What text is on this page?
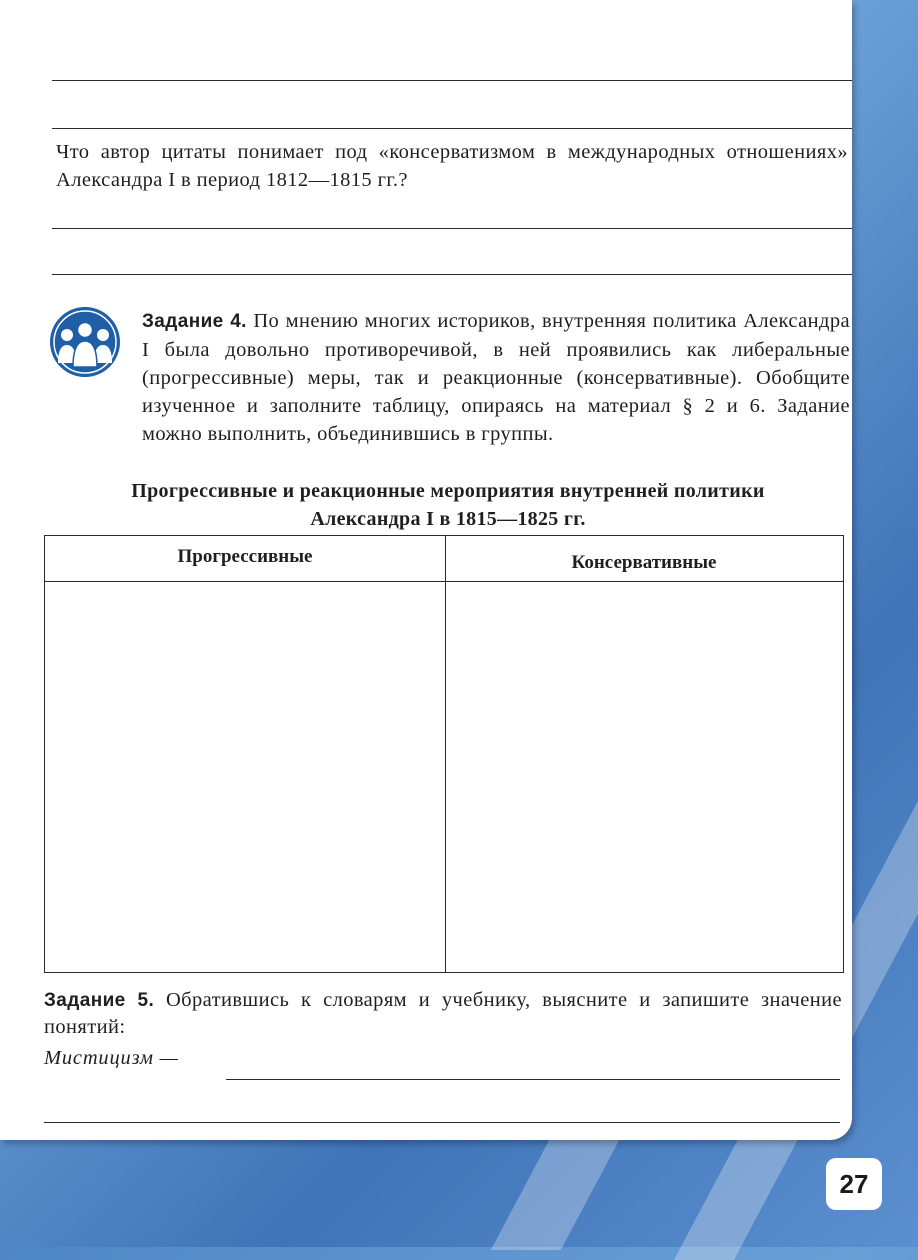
Что автор цитаты понимает под «консерватизмом в международных отношениях» Александра I в период 1812—1815 гг.?
Задание 4. По мнению многих историков, внутренняя политика Александра I была довольно противоречивой, в ней проявились как либеральные (прогрессивные) меры, так и реакционные (консервативные). Обобщите изученное и заполните таблицу, опираясь на материал § 2 и 6. Задание можно выполнить, объединившись в группы.
Прогрессивные и реакционные мероприятия внутренней политики
Александра I в 1815—1825 гг.
Прогрессивные	Консервативные
Задание 5. Обратившись к словарям и учебнику, выясните и запишите значение понятий:
Мистицизм —
27
